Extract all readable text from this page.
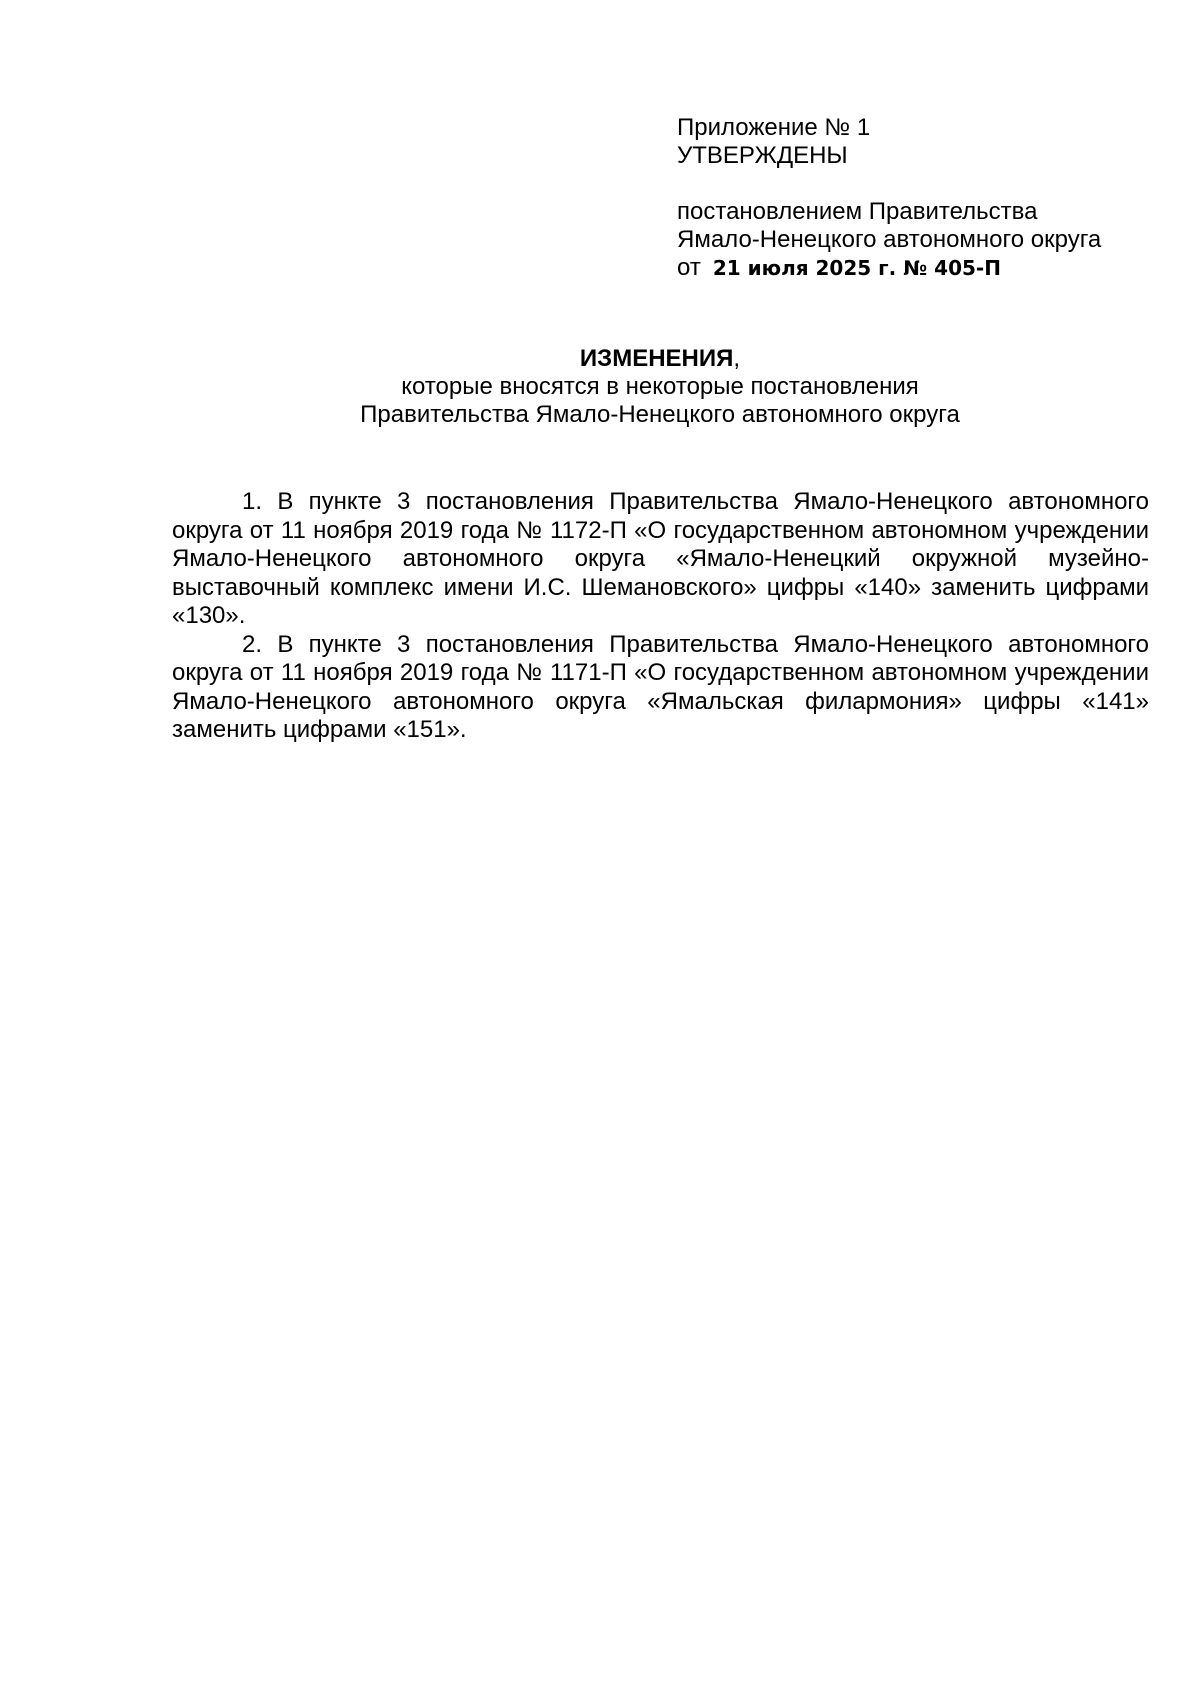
Приложение № 1
УТВЕРЖДЕНЫ
постановлением Правительства
Ямало-Ненецкого автономного округа
от 21 июля 2025 г. № 405-П
ИЗМЕНЕНИЯ,
которые вносятся в некоторые постановления
Правительства Ямало-Ненецкого автономного округа

1. В пункте 3 постановления Правительства Ямало-Ненецкого автономного округа от 11 ноября 2019 года № 1172-П «О государственном автономном учреждении Ямало-Ненецкого автономного округа «Ямало-Ненецкий окружной музейно-выставочный комплекс имени И.С. Шемановского» цифры «140» заменить цифрами «130».

2. В пункте 3 постановления Правительства Ямало-Ненецкого автономного округа от 11 ноября 2019 года № 1171-П «О государственном автономном учреждении Ямало-Ненецкого автономного округа «Ямальская филармония» цифры «141» заменить цифрами «151».
